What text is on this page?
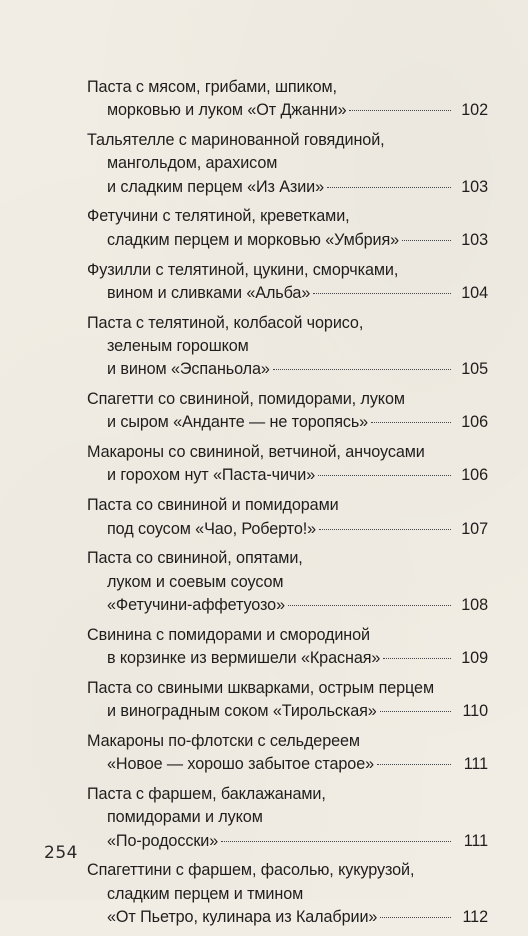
Паста с мясом, грибами, шпиком,
морковью и луком «От Джанни»	102
Тальятелле с маринованной говядиной,
мангольдом, арахисом
и сладким перцем «Из Азии»	103
Фетучини с телятиной, креветками,
сладким перцем и морковью «Умбрия»	103
Фузилли с телятиной, цукини, сморчками,
вином и сливками «Альба»	104
Паста с телятиной, колбасой чорисо,
зеленым горошком
и вином «Эспаньола»	105
Спагетти со свининой, помидорами, луком
и сыром «Анданте — не торопясь»	106
Макароны со свининой, ветчиной, анчоусами
и горохом нут «Паста-чичи»	106
Паста со свининой и помидорами
под соусом «Чао, Роберто!»	107
Паста со свининой, опятами,
луком и соевым соусом
«Фетучини-аффетуозо»	108
Свинина с помидорами и смородиной
в корзинке из вермишели «Красная»	109
Паста со свиными шкварками, острым перцем
и виноградным соком «Тирольская»	110
Макароны по-флотски с сельдереем
«Новое — хорошо забытое старое»	111
Паста с фаршем, баклажанами,
помидорами и луком
«По-родосски»	111
Спагеттини с фаршем, фасолью, кукурузой,
сладким перцем и тмином
«От Пьетро, кулинара из Калабрии»	112
254
